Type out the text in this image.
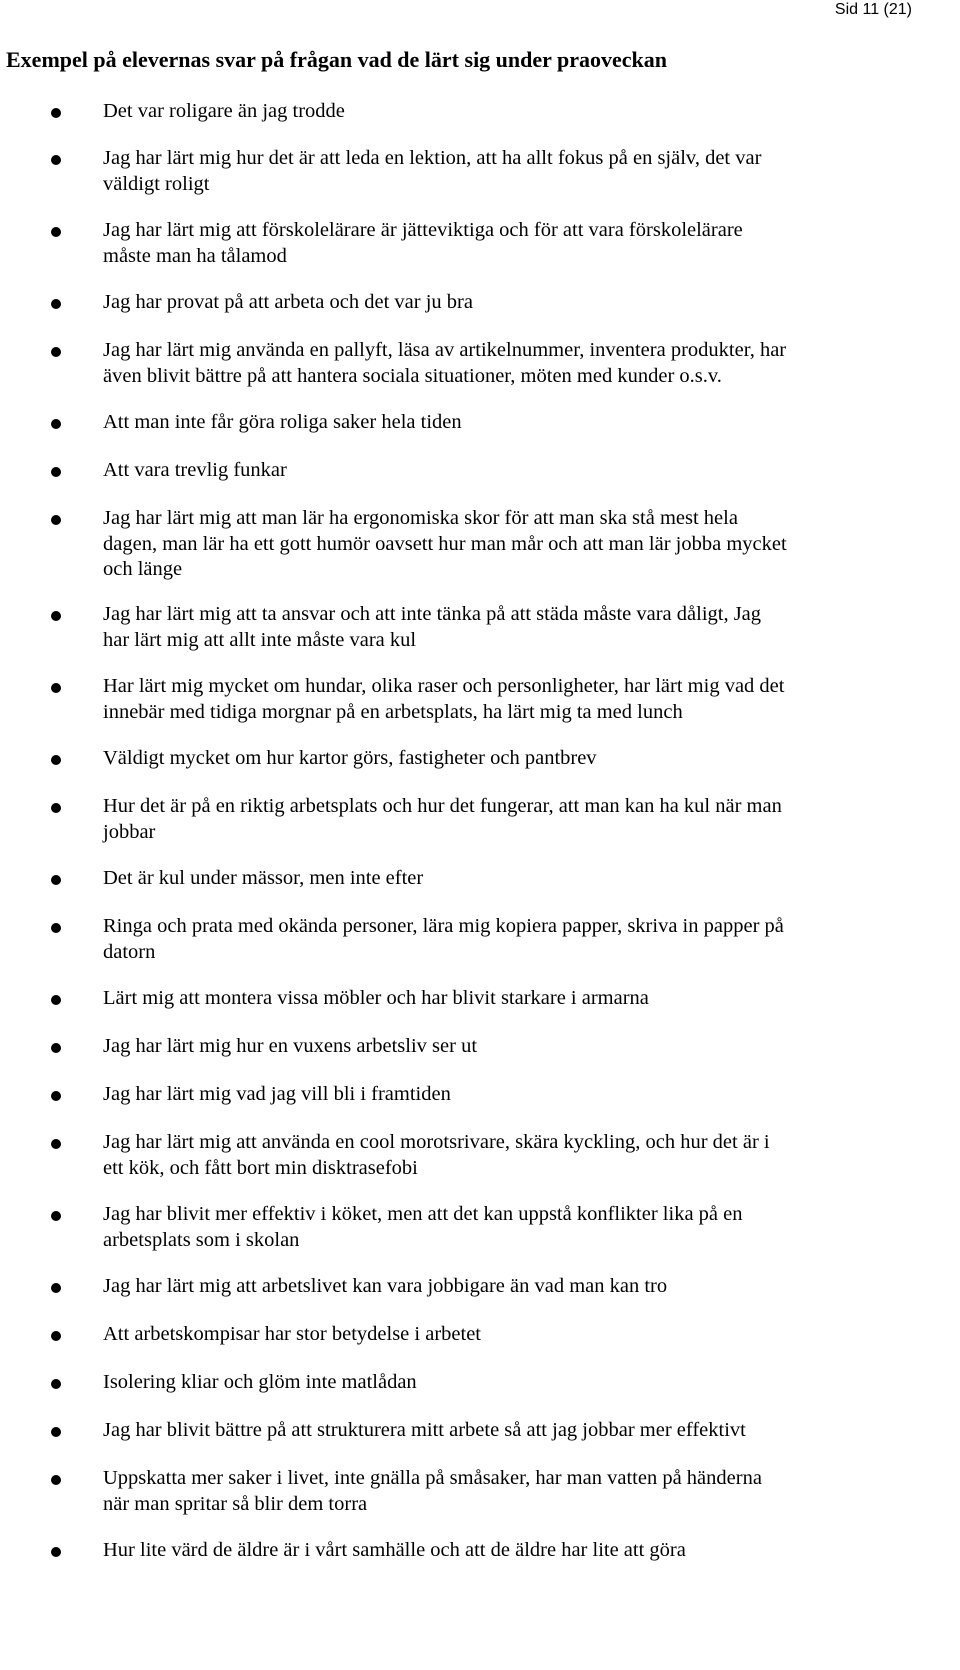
Sid 11 (21)
Exempel på elevernas svar på frågan vad de lärt sig under praoveckan
Det var roligare än jag trodde
Jag har lärt mig hur det är att leda en lektion, att ha allt fokus på en själv, det var
väldigt roligt
Jag har lärt mig att förskolelärare är jätteviktiga och för att vara förskolelärare
måste man ha tålamod
Jag har provat på att arbeta och det var ju bra
Jag har lärt mig använda en pallyft, läsa av artikelnummer, inventera produkter, har
även blivit bättre på att hantera sociala situationer, möten med kunder o.s.v.
Att man inte får göra roliga saker hela tiden
Att vara trevlig funkar
Jag har lärt mig att man lär ha ergonomiska skor för att man ska stå mest hela
dagen, man lär ha ett gott humör oavsett hur man mår och att man lär jobba mycket
och länge
Jag har lärt mig att ta ansvar och att inte tänka på att städa måste vara dåligt, Jag
har lärt mig att allt inte måste vara kul
Har lärt mig mycket om hundar, olika raser och personligheter, har lärt mig vad det
innebär med tidiga morgnar på en arbetsplats, ha lärt mig ta med lunch
Väldigt mycket om hur kartor görs, fastigheter och pantbrev
Hur det är på en riktig arbetsplats och hur det fungerar, att man kan ha kul när man
jobbar
Det är kul under mässor, men inte efter
Ringa och prata med okända personer, lära mig kopiera papper, skriva in papper på
datorn
Lärt mig att montera vissa möbler och har blivit starkare i armarna
Jag har lärt mig hur en vuxens arbetsliv ser ut
Jag har lärt mig vad jag vill bli i framtiden
Jag har lärt mig att använda en cool morotsrivare, skära kyckling, och hur det är i
ett kök, och fått bort min disktrasefobi
Jag har blivit mer effektiv i köket, men att det kan uppstå konflikter lika på en
arbetsplats som i skolan
Jag har lärt mig att arbetslivet kan vara jobbigare än vad man kan tro
Att arbetskompisar har stor betydelse i arbetet
Isolering kliar och glöm inte matlådan
Jag har blivit bättre på att strukturera mitt arbete så att jag jobbar mer effektivt
Uppskatta mer saker i livet, inte gnälla på småsaker, har man vatten på händerna
när man spritar så blir dem torra
Hur lite värd de äldre är i vårt samhälle och att de äldre har lite att göra
